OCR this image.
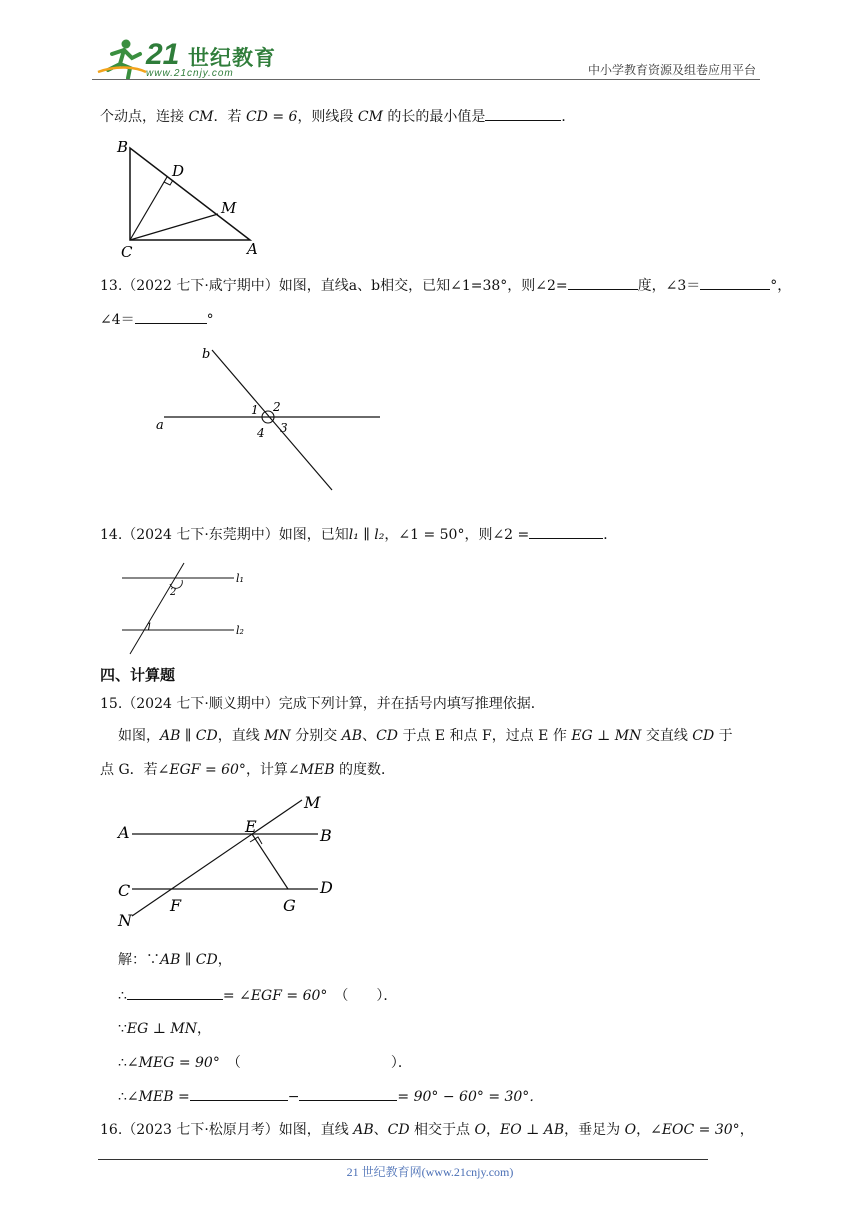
21 世纪教育
www.21cnjy.com	中小学教育资源及组卷应用平台
个动点，连接 CM．若 CD = 6，则线段 CM 的长的最小值是	．
B
D
M
C	A
13.（2022 七下·咸宁期中）如图，直线a、b相交，已知∠1=38°，则∠2=	度，∠3＝	°，
∠4＝	°
b
a
1 2
3
4
14.（2024 七下·东莞期中）如图，已知l₁ ∥ l₂，∠1 = 50°，则∠2 =	．
l₁
l₂
1
2
四、计算题
15.（2024 七下·顺义期中）完成下列计算，并在括号内填写推理依据．
如图，AB ∥ CD，直线 MN 分别交 AB、CD 于点 E 和点 F，过点 E 作 EG ⊥ MN 交直线 CD 于
点 G．若∠EGF = 60°，计算∠MEB 的度数．
M
A	E	B
C	D
N
F	G
解：∵AB ∥ CD，
∴	= ∠EGF = 60°　 （　　）．
∵EG ⊥ MN，
∴∠MEG = 90°　 （	）．
∴∠MEB =	−	= 90° − 60° = 30°．
16.（2023 七下·松原月考）如图，直线 AB、CD 相交于点 O，EO ⊥ AB，垂足为 O，∠EOC = 30°，
21 世纪教育网(www.21cnjy.com)
